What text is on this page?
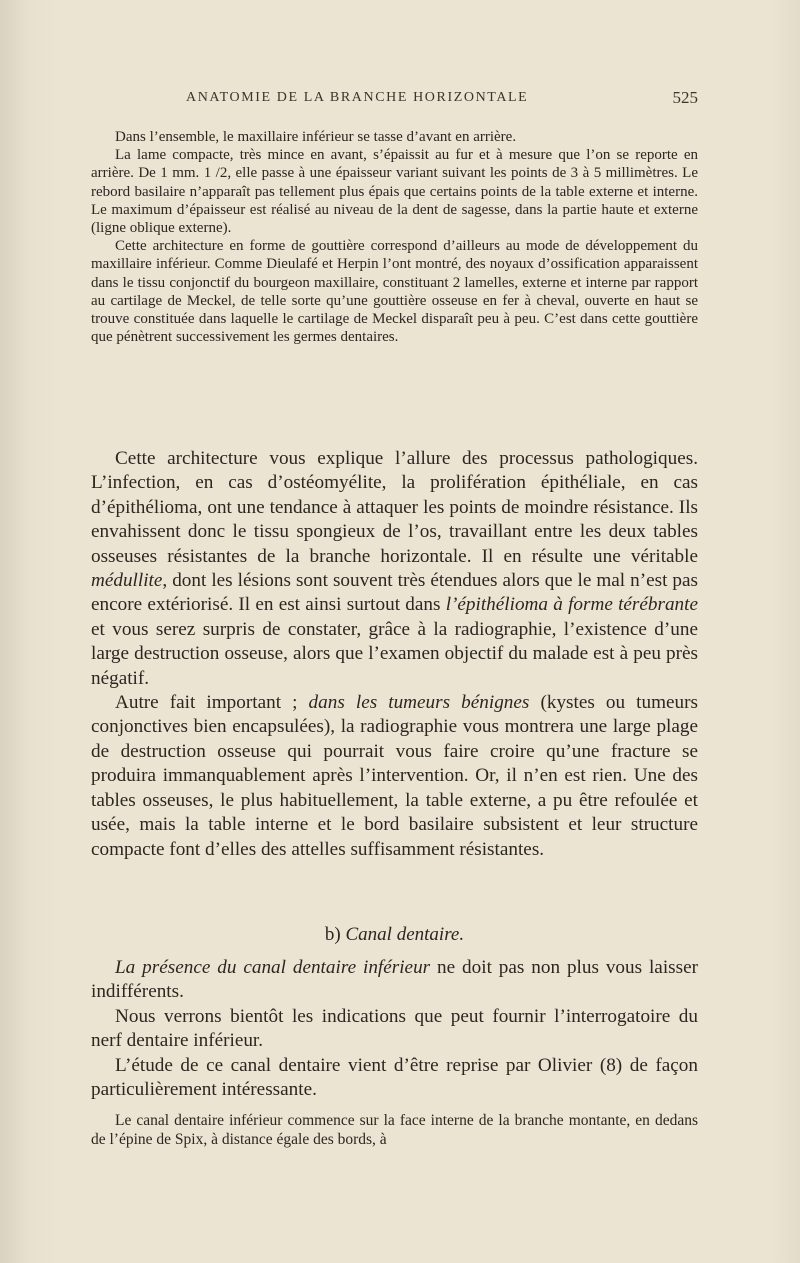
ANATOMIE DE LA BRANCHE HORIZONTALE	525

Dans l’ensemble, le maxillaire inférieur se tasse d’avant en arrière.

La lame compacte, très mince en avant, s’épaissit au fur et à mesure que l’on se reporte en arrière. De 1 mm. 1 /2, elle passe à une épaisseur variant suivant les points de 3 à 5 millimètres. Le rebord basilaire n’apparaît pas tellement plus épais que certains points de la table externe et interne. Le maximum d’épaisseur est réalisé au niveau de la dent de sagesse, dans la partie haute et externe (ligne oblique externe).

Cette architecture en forme de gouttière correspond d’ailleurs au mode de développement du maxillaire inférieur. Comme Dieulafé et Herpin l’ont montré, des noyaux d’ossification apparaissent dans le tissu conjonctif du bourgeon maxillaire, constituant 2 lamelles, externe et interne par rapport au cartilage de Meckel, de telle sorte qu’une gouttière osseuse en fer à cheval, ouverte en haut se trouve constituée dans laquelle le cartilage de Meckel disparaît peu à peu. C’est dans cette gouttière que pénètrent successivement les germes dentaires.

Cette architecture vous explique l’allure des processus pathologiques. L’infection, en cas d’ostéomyélite, la prolifération épithéliale, en cas d’épithélioma, ont une tendance à attaquer les points de moindre résistance. Ils envahissent donc le tissu spongieux de l’os, travaillant entre les deux tables osseuses résistantes de la branche horizontale. Il en résulte une véritable médullite, dont les lésions sont souvent très étendues alors que le mal n’est pas encore extériorisé. Il en est ainsi surtout dans l’épithélioma à forme térébrante et vous serez surpris de constater, grâce à la radiographie, l’existence d’une large destruction osseuse, alors que l’examen objectif du malade est à peu près négatif.

Autre fait important ; dans les tumeurs bénignes (kystes ou tumeurs conjonctives bien encapsulées), la radiographie vous montrera une large plage de destruction osseuse qui pourrait vous faire croire qu’une fracture se produira immanquablement après l’intervention. Or, il n’en est rien. Une des tables osseuses, le plus habituellement, la table externe, a pu être refoulée et usée, mais la table interne et le bord basilaire subsistent et leur structure compacte font d’elles des attelles suffisamment résistantes.

b) Canal dentaire.

La présence du canal dentaire inférieur ne doit pas non plus vous laisser indifférents.

Nous verrons bientôt les indications que peut fournir l’interrogatoire du nerf dentaire inférieur.

L’étude de ce canal dentaire vient d’être reprise par Olivier (8) de façon particulièrement intéressante.

Le canal dentaire inférieur commence sur la face interne de la branche montante, en dedans de l’épine de Spix, à distance égale des bords, à
